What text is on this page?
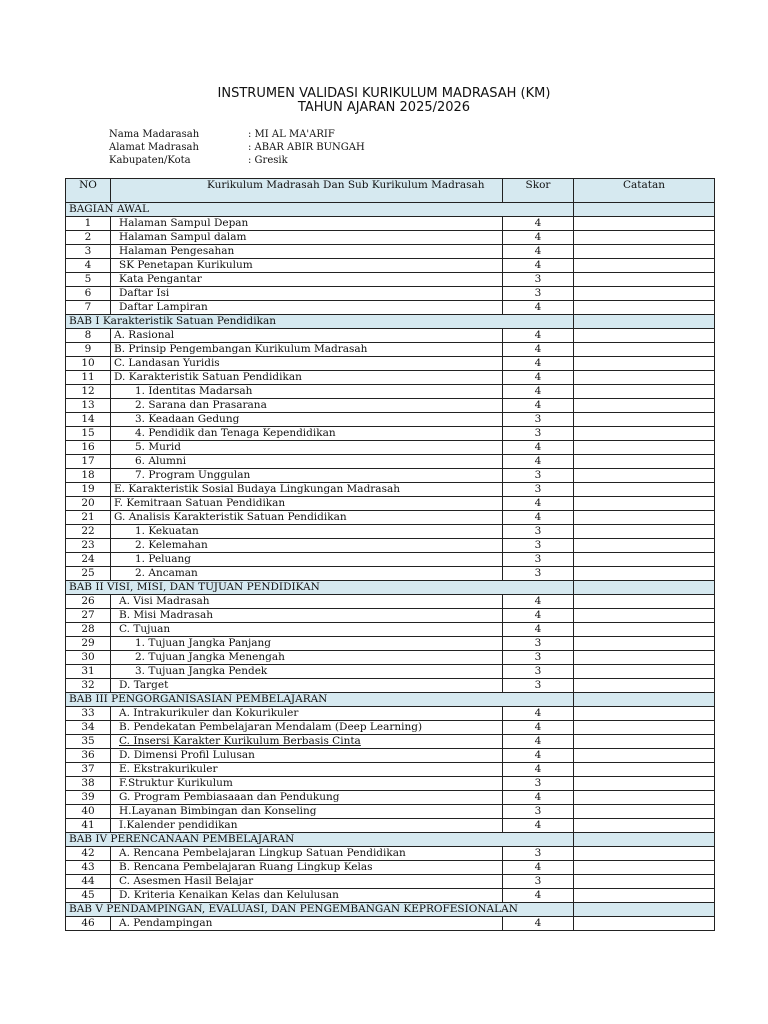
INSTRUMEN VALIDASI KURIKULUM MADRASAH (KM)
TAHUN AJARAN 2025/2026
Nama Madarasah	: MI AL MA'ARIF
Alamat Madrasah	: ABAR ABIR BUNGAH
Kabupaten/Kota	: Gresik
NO	Kurikulum Madrasah Dan Sub Kurikulum Madrasah	Skor	Catatan
BAGIAN AWAL			
1	Halaman Sampul Depan	4	
2	Halaman Sampul dalam	4	
3	Halaman Pengesahan	4	
4	SK Penetapan Kurikulum	4	
5	Kata Pengantar	3	
6	Daftar Isi	3	
7	Daftar Lampiran	4	
BAB I Karakteristik Satuan Pendidikan			
8	A. Rasional	4	
9	B. Prinsip Pengembangan Kurikulum Madrasah	4	
10	C. Landasan Yuridis	4	
11	D. Karakteristik Satuan Pendidikan	4	
12	1. Identitas Madarsah	4	
13	2. Sarana dan Prasarana	4	
14	3. Keadaan Gedung	3	
15	4. Pendidik dan Tenaga Kependidikan	3	
16	5. Murid	4	
17	6. Alumni	4	
18	7. Program Unggulan	3	
19	E. Karakteristik Sosial Budaya Lingkungan Madrasah	3	
20	F. Kemitraan Satuan Pendidikan	4	
21	G. Analisis Karakteristik Satuan Pendidikan	4	
22	1. Kekuatan	3	
23	2. Kelemahan	3	
24	1. Peluang	3	
25	2. Ancaman	3	
BAB II VISI, MISI, DAN TUJUAN PENDIDIKAN			
26	A. Visi Madrasah	4	
27	B. Misi Madrasah	4	
28	C. Tujuan	4	
29	1. Tujuan Jangka Panjang	3	
30	2. Tujuan Jangka Menengah	3	
31	3. Tujuan Jangka Pendek	3	
32	D. Target	3	
BAB III PENGORGANISASIAN PEMBELAJARAN			
33	A. Intrakurikuler dan Kokurikuler	4	
34	B. Pendekatan Pembelajaran Mendalam (Deep Learning)	4	
35	C. Insersi Karakter Kurikulum Berbasis Cinta	4	
36	D. Dimensi Profil Lulusan	4	
37	E. Ekstrakurikuler	4	
38	F.Struktur Kurikulum	3	
39	G. Program Pembiasaaan dan Pendukung	4	
40	H.Layanan Bimbingan dan Konseling	3	
41	I.Kalender pendidikan	4	
BAB IV PERENCANAAN PEMBELAJARAN			
42	A. Rencana Pembelajaran Lingkup Satuan Pendidikan	3	
43	B. Rencana Pembelajaran Ruang Lingkup Kelas	4	
44	C. Asesmen Hasil Belajar	3	
45	D. Kriteria Kenaikan Kelas dan Kelulusan	4	
BAB V PENDAMPINGAN, EVALUASI, DAN PENGEMBANGAN KEPROFESIONALAN			
46	A. Pendampingan	4	
